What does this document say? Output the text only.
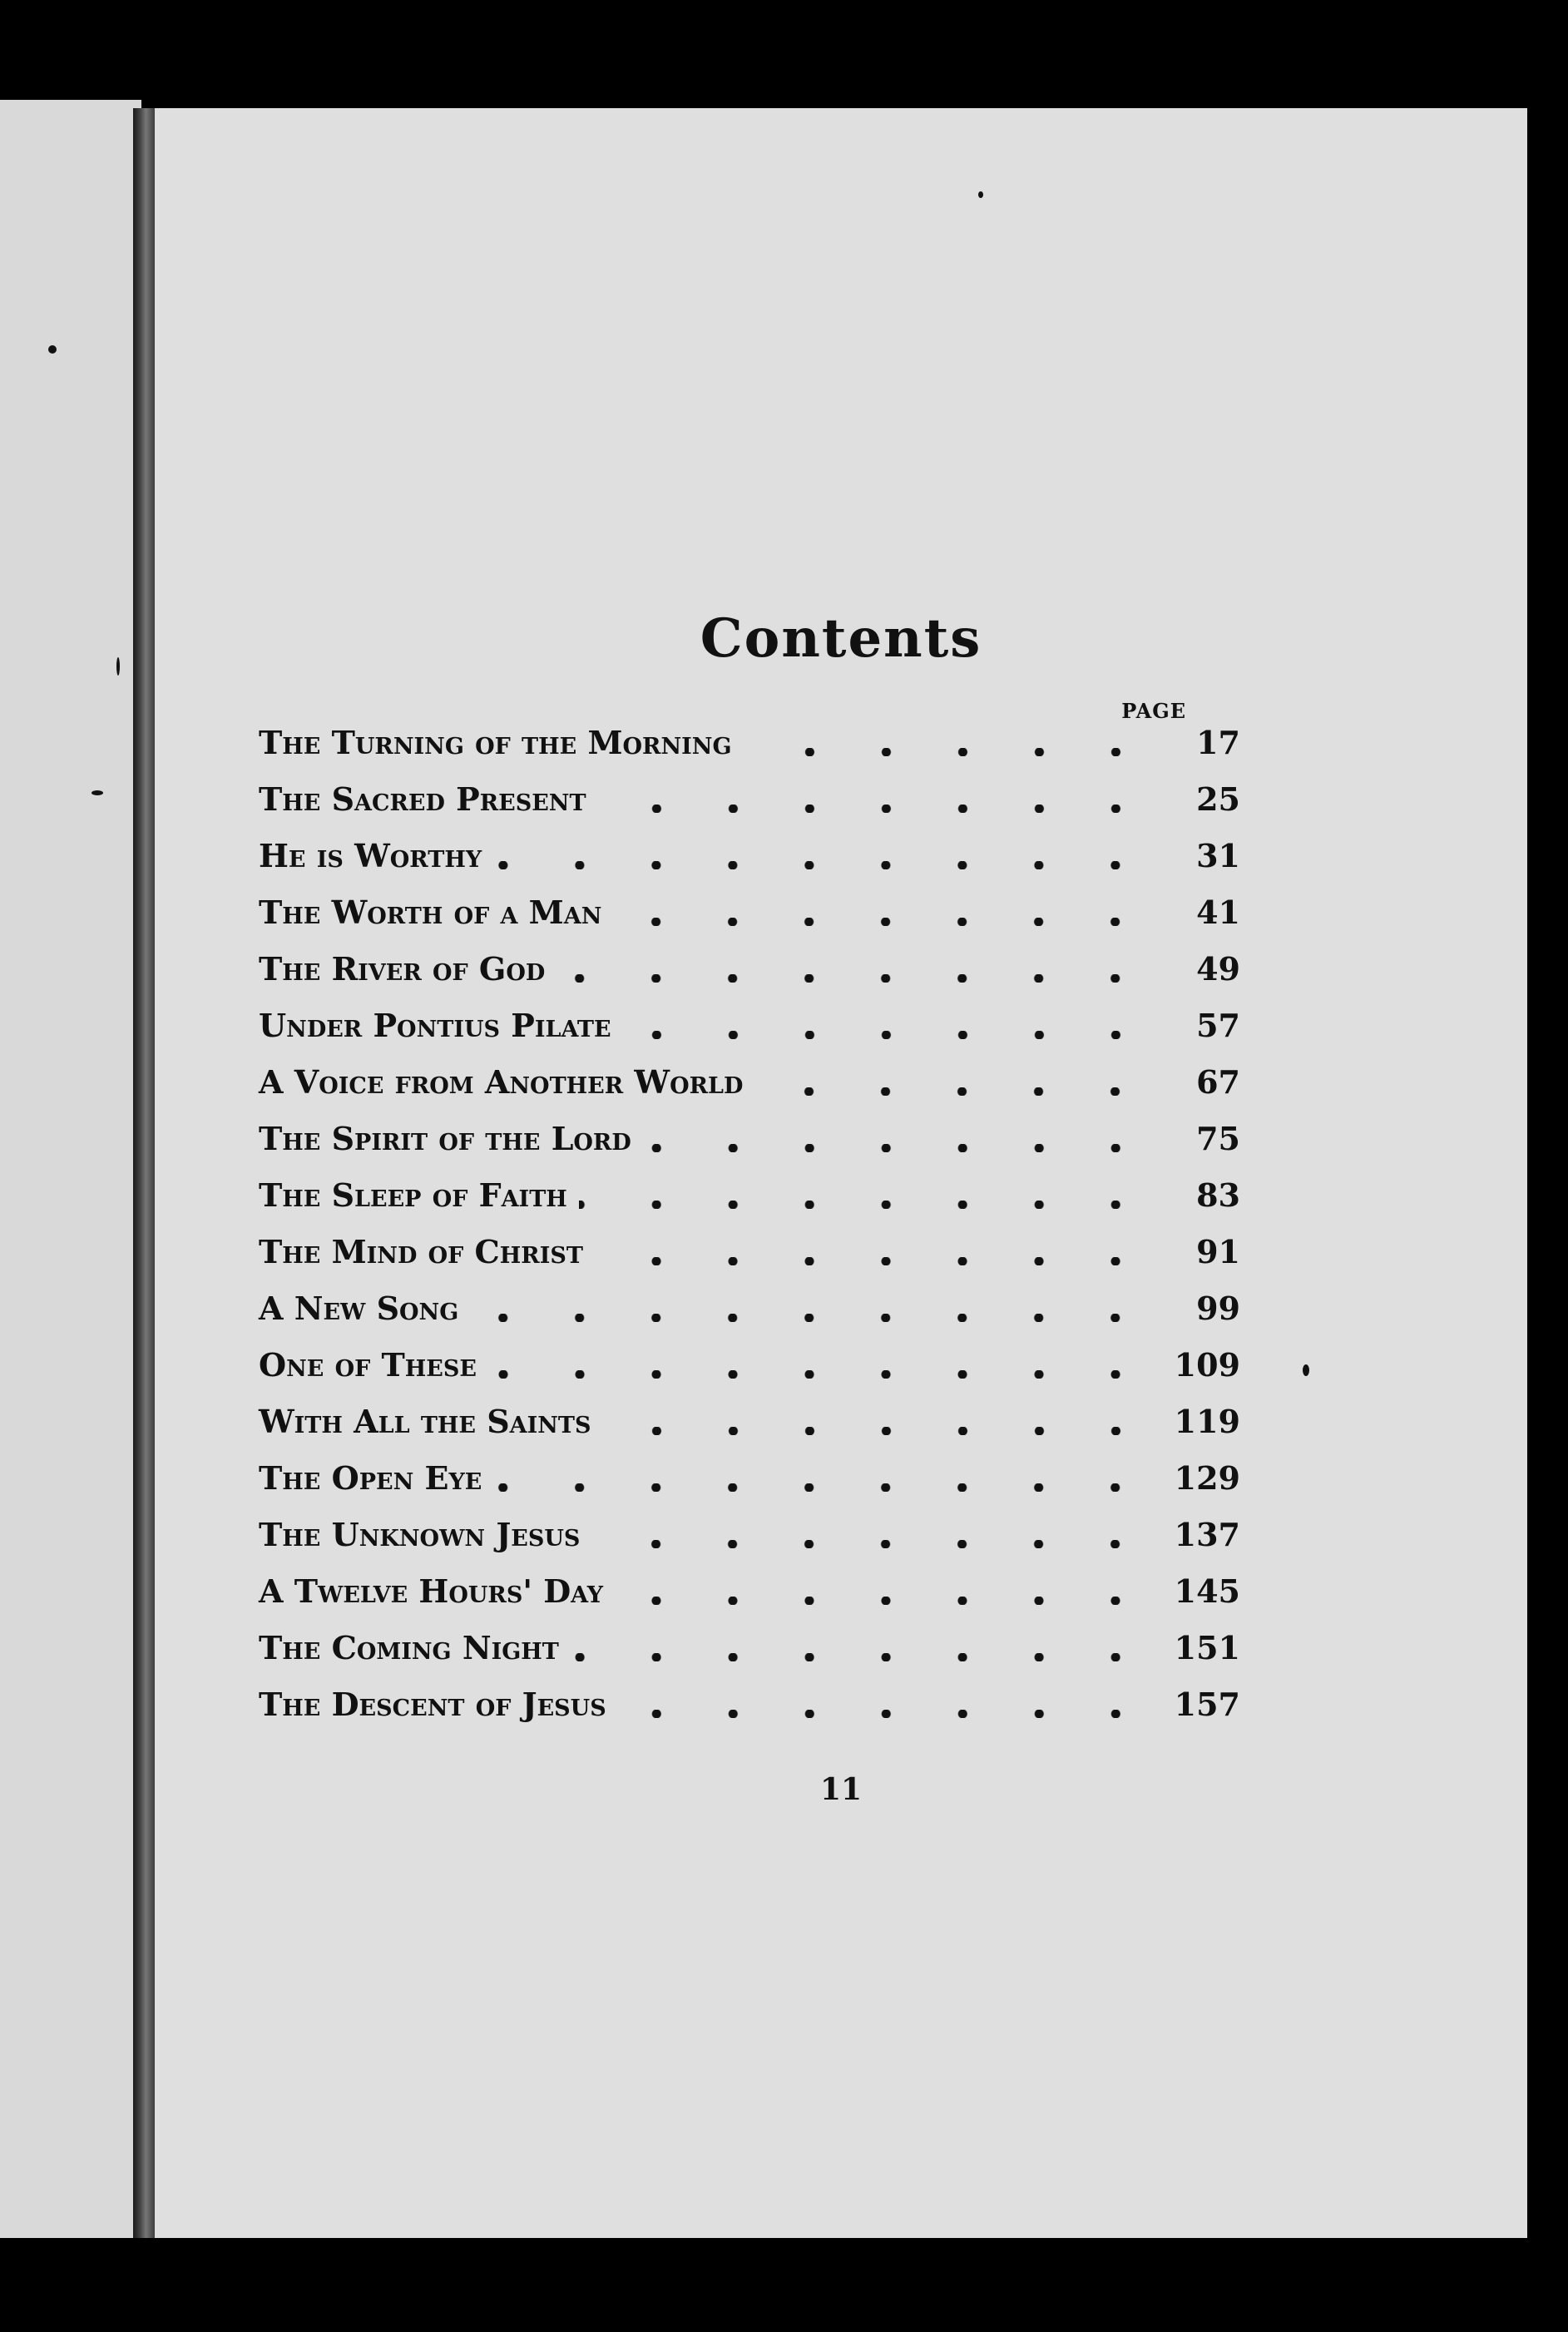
Contents
PAGE
The Turning of the Morning	17
The Sacred Present	25
He is Worthy	31
The Worth of a Man	41
The River of God	49
Under Pontius Pilate	57
A Voice from Another World	67
The Spirit of the Lord	75
The Sleep of Faith	83
The Mind of Christ	91
A New Song	99
One of These	109
With All the Saints	119
The Open Eye	129
The Unknown Jesus	137
A Twelve Hours' Day	145
The Coming Night	151
The Descent of Jesus	157
11
